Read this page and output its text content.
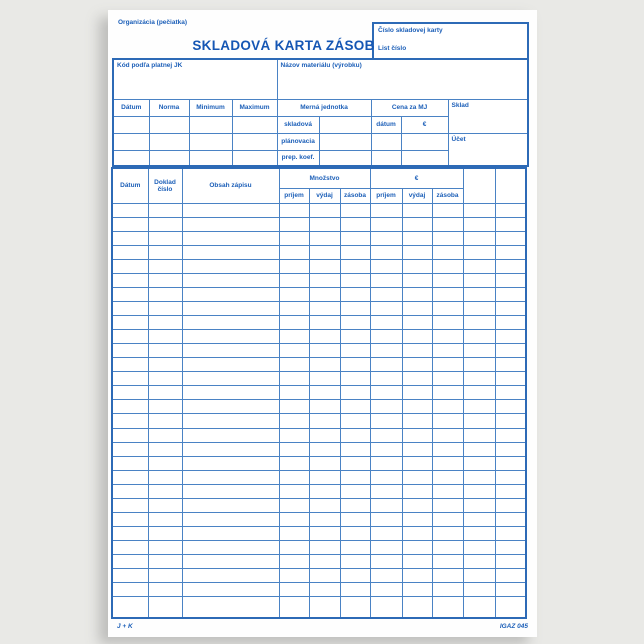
Organizácia (pečiatka)
Číslo skladovej karty
List číslo
SKLADOVÁ KARTA ZÁSOB
Kód podľa platnej JK				Názov materiálu (výrobku)				
Dátum	Norma	Minimum	Maximum	Merná jednotka		Cena za MJ		Sklad
				skladová		dátum	€	
				plánovacia				Účet
				prep. koef.				
Dátum	Doklad číslo	Obsah zápisu	Množstvo			€				
			príjem	výdaj	zásoba	príjem	výdaj	zásoba		

J + K	IGAZ 045
